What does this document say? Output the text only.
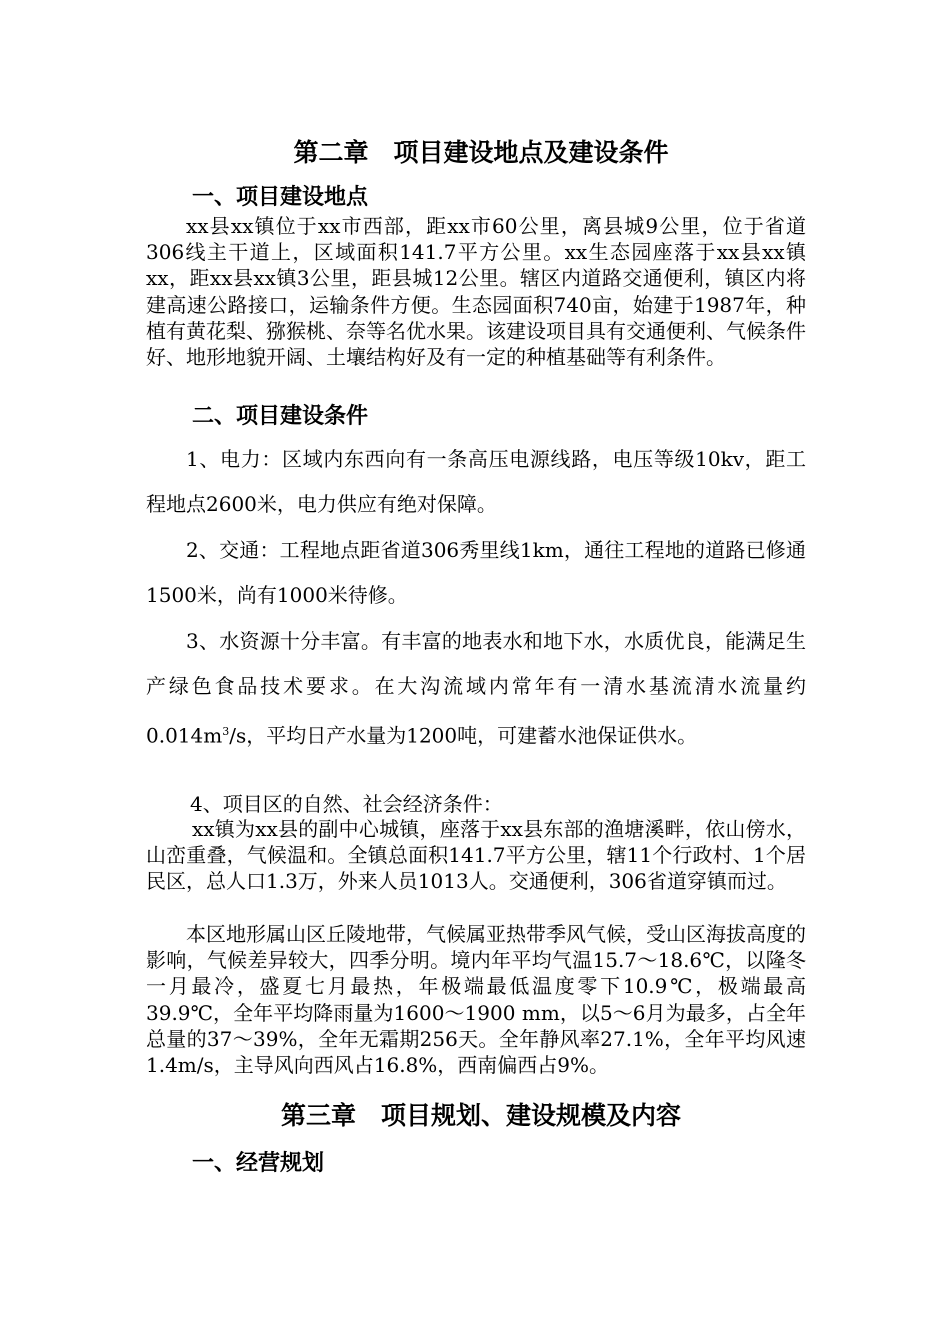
第二章　项目建设地点及建设条件
一、项目建设地点

xx县xx镇位于xx市西部，距xx市60公里，离县城9公里，位于省道306线主干道上，区域面积141.7平方公里。xx生态园座落于xx县xx镇xx，距xx县xx镇3公里，距县城12公里。辖区内道路交通便利，镇区内将建高速公路接口，运输条件方便。生态园面积740亩，始建于1987年，种植有黄花梨、猕猴桃、奈等名优水果。该建设项目具有交通便利、气候条件好、地形地貌开阔、土壤结构好及有一定的种植基础等有利条件。

二、项目建设条件

1、电力：区域内东西向有一条高压电源线路，电压等级10kv，距工程地点2600米，电力供应有绝对保障。

2、交通：工程地点距省道306秀里线1km，通往工程地的道路已修通1500米，尚有1000米待修。

3、水资源十分丰富。有丰富的地表水和地下水，水质优良，能满足生产绿色食品技术要求。在大沟流域内常年有一清水基流清水流量约$0.014m^3/s$，平均日产水量为1200吨，可建蓄水池保证供水。

4、项目区的自然、社会经济条件：

xx镇为xx县的副中心城镇，座落于xx县东部的渔塘溪畔，依山傍水，山峦重叠，气候温和。全镇总面积141.7平方公里，辖11个行政村、1个居民区，总人口1.3万，外来人员1013人。交通便利，306省道穿镇而过。

本区地形属山区丘陵地带，气候属亚热带季风气候，受山区海拔高度的影响，气候差异较大，四季分明。境内年平均气温15.7～18.6℃，以隆冬一月最冷，盛夏七月最热，年极端最低温度零下10.9℃，极端最高39.9℃，全年平均降雨量为1600～1900 mm，以5～6月为最多，占全年总量的37～39%，全年无霜期256天。全年静风率27.1%，全年平均风速1.4m/s，主导风向西风占16.8%，西南偏西占9%。

第三章　项目规划、建设规模及内容
一、经营规划
